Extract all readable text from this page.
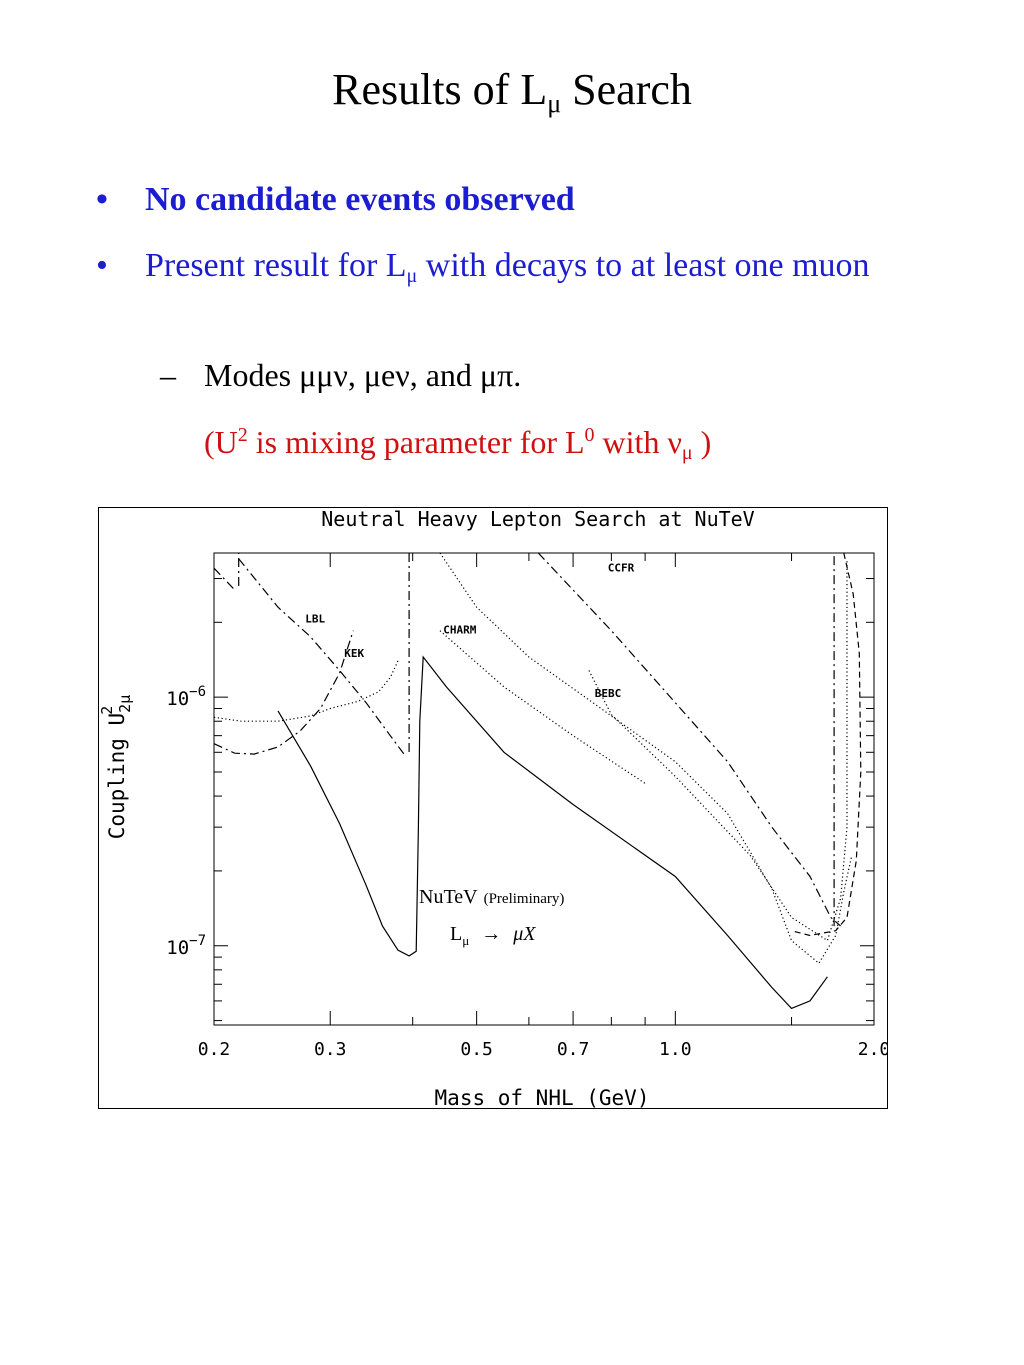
Results of $L_\mu$ Search
• No candidate events observed
• Present result for $L_\mu$ with decays to at least one muon
– Modes μμν, μeν, and μπ.
($U^2$ is mixing parameter for $L^0$ with $\nu_\mu$ )
Neutral Heavy Lepton Search at NuTeV
0.2	0.3	0.5	0.7	1.0	2.0
$10^{-7}$
$10^{-6}$
LBL
KEK
CHARM
BEBC
CCFR
Mass of NHL (GeV)
Coupling $U_{2\mu}2$
NuTeV (Preliminary)
$L_\mu \to \mu X$
